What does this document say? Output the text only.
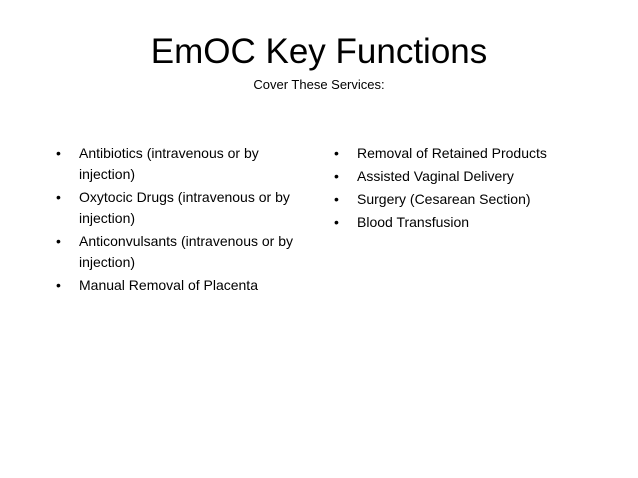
EmOC Key Functions
Cover These Services:
•	Antibiotics (intravenous or by injection)
•	Oxytocic Drugs (intravenous or by injection)
•	Anticonvulsants (intravenous or by injection)
•	Manual Removal of Placenta
•	Removal of Retained Products
•	Assisted Vaginal Delivery
•	Surgery (Cesarean Section)
•	Blood Transfusion
